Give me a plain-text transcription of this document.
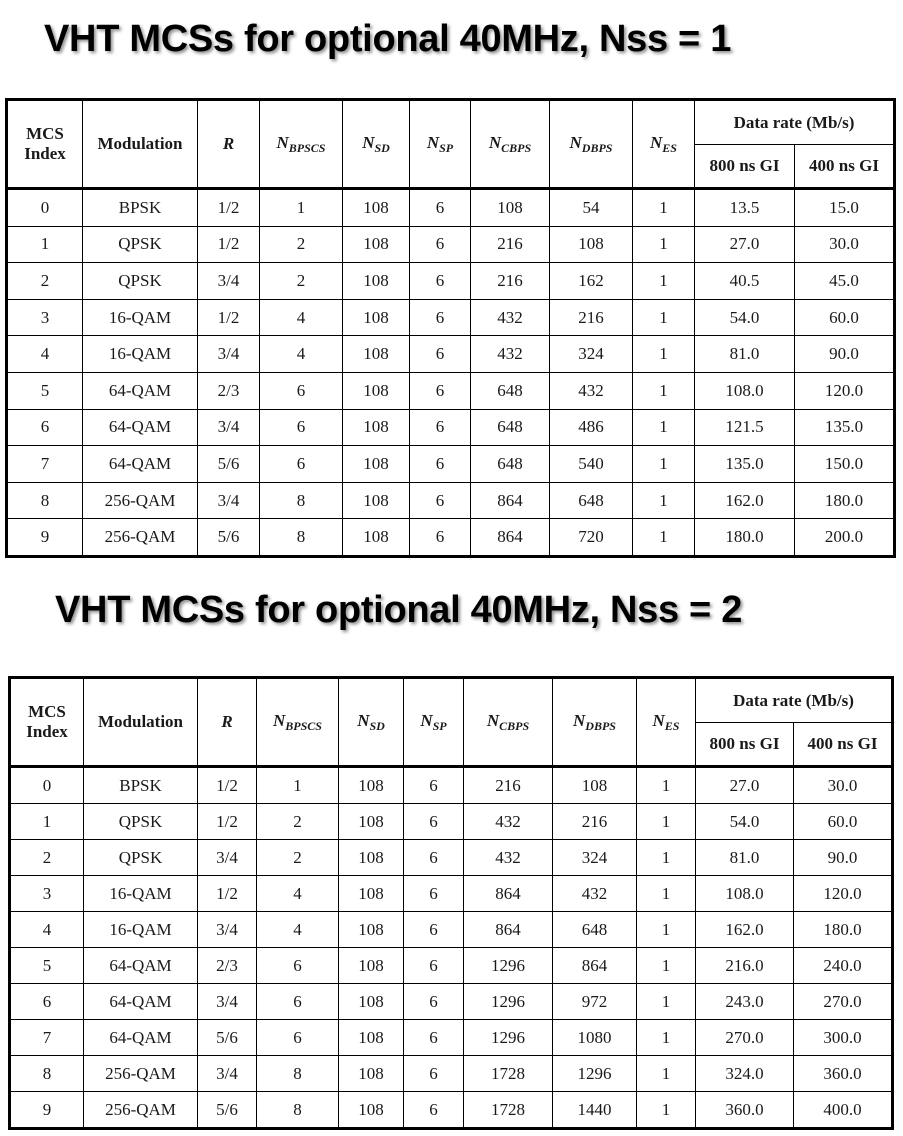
VHT MCSs for optional 40MHz, Nss = 1
MCS
Index	Modulation	R	$N_{BPSCS}$	$N_{SD}$	$N_{SP}$	$N_{CBPS}$	$N_{DBPS}$	$N_{ES}$	Data rate (Mb/s)	
									800 ns GI	400 ns GI
0	BPSK	1/2	1	108	6	108	54	1	13.5	15.0
1	QPSK	1/2	2	108	6	216	108	1	27.0	30.0
2	QPSK	3/4	2	108	6	216	162	1	40.5	45.0
3	16-QAM	1/2	4	108	6	432	216	1	54.0	60.0
4	16-QAM	3/4	4	108	6	432	324	1	81.0	90.0
5	64-QAM	2/3	6	108	6	648	432	1	108.0	120.0
6	64-QAM	3/4	6	108	6	648	486	1	121.5	135.0
7	64-QAM	5/6	6	108	6	648	540	1	135.0	150.0
8	256-QAM	3/4	8	108	6	864	648	1	162.0	180.0
9	256-QAM	5/6	8	108	6	864	720	1	180.0	200.0
VHT MCSs for optional 40MHz, Nss = 2
MCS
Index	Modulation	R	$N_{BPSCS}$	$N_{SD}$	$N_{SP}$	$N_{CBPS}$	$N_{DBPS}$	$N_{ES}$	Data rate (Mb/s)	
									800 ns GI	400 ns GI
0	BPSK	1/2	1	108	6	216	108	1	27.0	30.0
1	QPSK	1/2	2	108	6	432	216	1	54.0	60.0
2	QPSK	3/4	2	108	6	432	324	1	81.0	90.0
3	16-QAM	1/2	4	108	6	864	432	1	108.0	120.0
4	16-QAM	3/4	4	108	6	864	648	1	162.0	180.0
5	64-QAM	2/3	6	108	6	1296	864	1	216.0	240.0
6	64-QAM	3/4	6	108	6	1296	972	1	243.0	270.0
7	64-QAM	5/6	6	108	6	1296	1080	1	270.0	300.0
8	256-QAM	3/4	8	108	6	1728	1296	1	324.0	360.0
9	256-QAM	5/6	8	108	6	1728	1440	1	360.0	400.0
